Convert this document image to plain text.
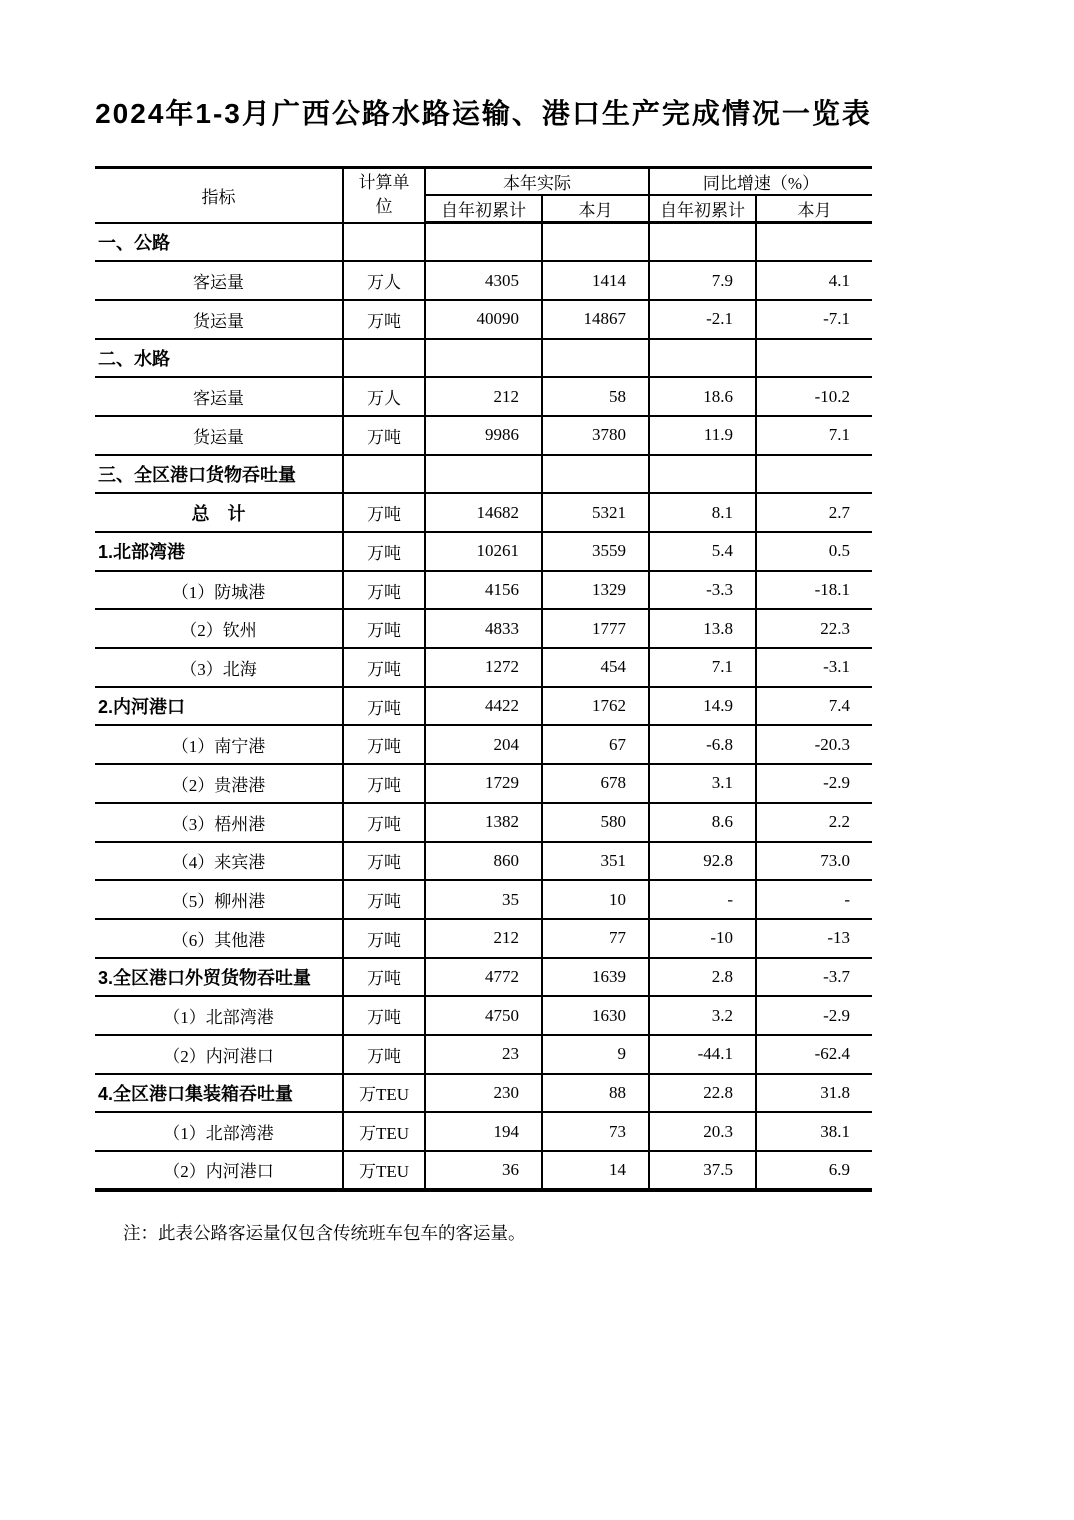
2024年1-3月广西公路水路运输、港口生产完成情况一览表
指标	计算单位	本年实际		同比增速（%）	
		自年初累计	本月	自年初累计	本月
一、公路					
客运量	万人	4305	1414	7.9	4.1
货运量	万吨	40090	14867	-2.1	-7.1
二、水路					
客运量	万人	212	58	18.6	-10.2
货运量	万吨	9986	3780	11.9	7.1
三、全区港口货物吞吐量					
总　计	万吨	14682	5321	8.1	2.7
1.北部湾港	万吨	10261	3559	5.4	0.5
（1）防城港	万吨	4156	1329	-3.3	-18.1
（2）钦州	万吨	4833	1777	13.8	22.3
（3）北海	万吨	1272	454	7.1	-3.1
2.内河港口	万吨	4422	1762	14.9	7.4
（1）南宁港	万吨	204	67	-6.8	-20.3
（2）贵港港	万吨	1729	678	3.1	-2.9
（3）梧州港	万吨	1382	580	8.6	2.2
（4）来宾港	万吨	860	351	92.8	73.0
（5）柳州港	万吨	35	10	-	-
（6）其他港	万吨	212	77	-10	-13
3.全区港口外贸货物吞吐量	万吨	4772	1639	2.8	-3.7
（1）北部湾港	万吨	4750	1630	3.2	-2.9
（2）内河港口	万吨	23	9	-44.1	-62.4
4.全区港口集装箱吞吐量	万TEU	230	88	22.8	31.8
（1）北部湾港	万TEU	194	73	20.3	38.1
（2）内河港口	万TEU	36	14	37.5	6.9
注：此表公路客运量仅包含传统班车包车的客运量。
